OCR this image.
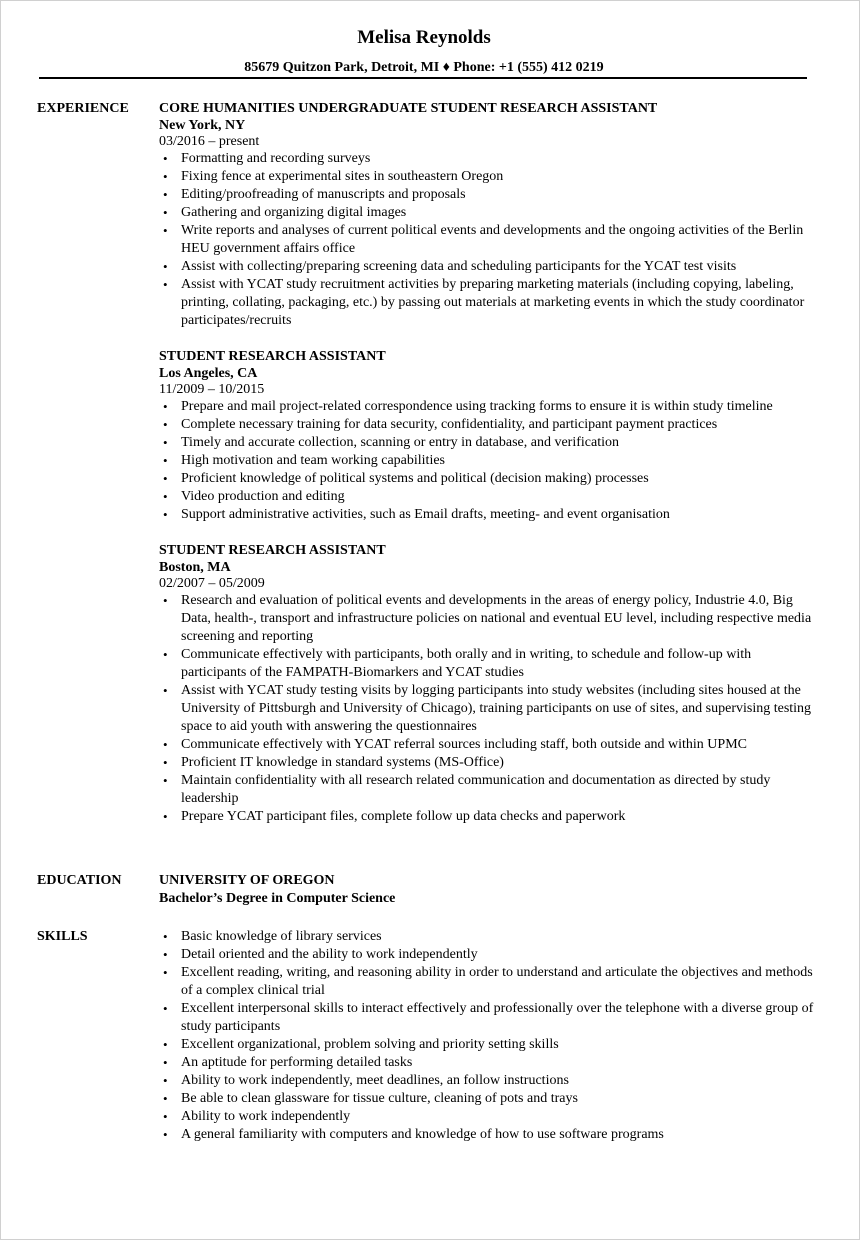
Melisa Reynolds
85679 Quitzon Park, Detroit, MI ♦ Phone: +1 (555) 412 0219
EXPERIENCE CORE HUMANITIES UNDERGRADUATE STUDENT RESEARCH ASSISTANT
New York, NY
03/2016 – present
• Formatting and recording surveys
• Fixing fence at experimental sites in southeastern Oregon
• Editing/proofreading of manuscripts and proposals
• Gathering and organizing digital images
• Write reports and analyses of current political events and developments and the ongoing activities of the Berlin HEU government affairs office
• Assist with collecting/preparing screening data and scheduling participants for the YCAT test visits
• Assist with YCAT study recruitment activities by preparing marketing materials (including copying, labeling, printing, collating, packaging, etc.) by passing out materials at marketing events in which the study coordinator participates/recruits
STUDENT RESEARCH ASSISTANT
Los Angeles, CA
11/2009 – 10/2015
• Prepare and mail project-related correspondence using tracking forms to ensure it is within study timeline
• Complete necessary training for data security, confidentiality, and participant payment practices
• Timely and accurate collection, scanning or entry in database, and verification
• High motivation and team working capabilities
• Proficient knowledge of political systems and political (decision making) processes
• Video production and editing
• Support administrative activities, such as Email drafts, meeting- and event organisation
STUDENT RESEARCH ASSISTANT
Boston, MA
02/2007 – 05/2009
• Research and evaluation of political events and developments in the areas of energy policy, Industrie 4.0, Big Data, health-, transport and infrastructure policies on national and eventual EU level, including respective media screening and reporting
• Communicate effectively with participants, both orally and in writing, to schedule and follow-up with participants of the FAMPATH-Biomarkers and YCAT studies
• Assist with YCAT study testing visits by logging participants into study websites (including sites housed at the University of Pittsburgh and University of Chicago), training participants on use of sites, and supervising testing space to aid youth with answering the questionnaires
• Communicate effectively with YCAT referral sources including staff, both outside and within UPMC
• Proficient IT knowledge in standard systems (MS-Office)
• Maintain confidentiality with all research related communication and documentation as directed by study leadership
• Prepare YCAT participant files, complete follow up data checks and paperwork
EDUCATION	UNIVERSITY OF OREGON
Bachelor’s Degree in Computer Science
SKILLS	• Basic knowledge of library services
• Detail oriented and the ability to work independently
• Excellent reading, writing, and reasoning ability in order to understand and articulate the objectives and methods of a complex clinical trial
• Excellent interpersonal skills to interact effectively and professionally over the telephone with a diverse group of study participants
• Excellent organizational, problem solving and priority setting skills
• An aptitude for performing detailed tasks
• Ability to work independently, meet deadlines, an follow instructions
• Be able to clean glassware for tissue culture, cleaning of pots and trays
• Ability to work independently
• A general familiarity with computers and knowledge of how to use software programs
